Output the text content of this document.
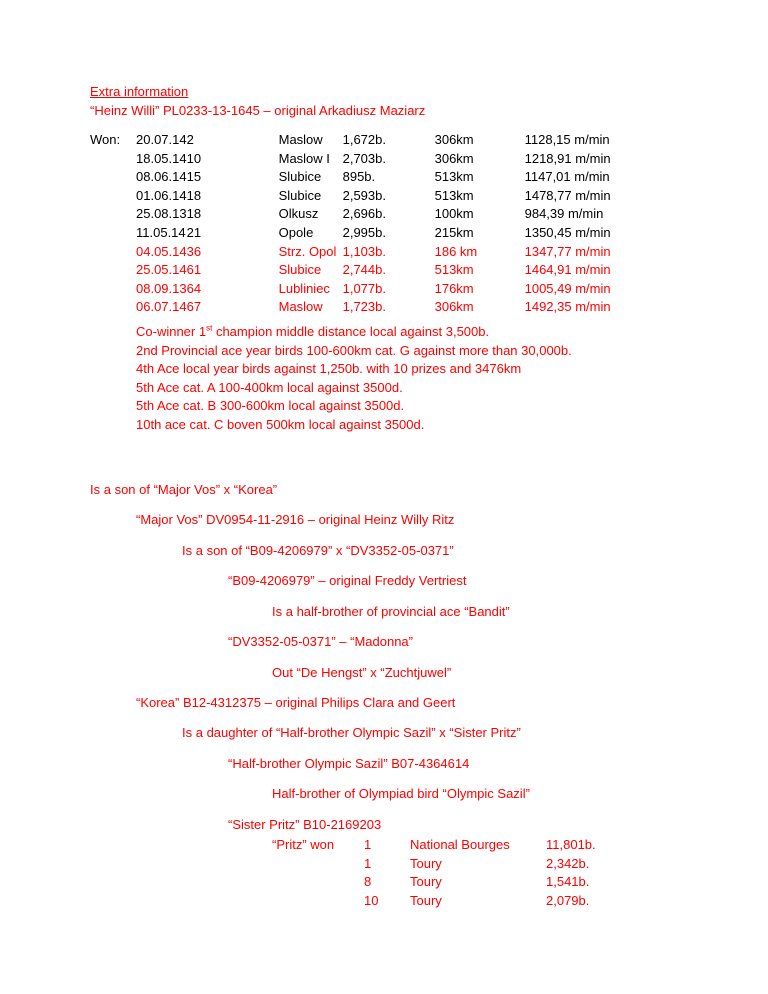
Extra information
“Heinz Willi” PL0233-13-1645 – original Arkadiusz Maziarz
Won:	20.07.14	2	Maslow	1,672b.	306km	1128,15 m/min
	18.05.14	10	Maslow I	2,703b.	306km	1218,91 m/min
	08.06.14	15	Slubice	895b.	513km	1147,01 m/min
	01.06.14	18	Slubice	2,593b.	513km	1478,77 m/min
	25.08.13	18	Olkusz	2,696b.	100km	984,39 m/min
	11.05.14	21	Opole	2,995b.	215km	1350,45 m/min
	04.05.14	36	Strz. Opol	1,103b.	186 km	1347,77 m/min
	25.05.14	61	Slubice	2,744b.	513km	1464,91 m/min
	08.09.13	64	Lubliniec	1,077b.	176km	1005,49 m/min
	06.07.14	67	Maslow	1,723b.	306km	1492,35 m/min
Co-winner 1st champion middle distance local against 3,500b.
2nd Provincial ace year birds 100-600km cat. G against more than 30,000b.
4th Ace local year birds against 1,250b. with 10 prizes and 3476km
5th Ace cat. A 100-400km local against 3500d.
5th Ace cat. B 300-600km local against 3500d.
10th ace cat. C boven 500km local against 3500d.
Is a son of “Major Vos” x “Korea”
“Major Vos” DV0954-11-2916 – original Heinz Willy Ritz
Is a son of “B09-4206979” x “DV3352-05-0371”
“B09-4206979” – original Freddy Vertriest
Is a half-brother of provincial ace “Bandit”
“DV3352-05-0371” – “Madonna”
Out “De Hengst” x “Zuchtjuwel”
“Korea” B12-4312375 – original Philips Clara and Geert
Is a daughter of “Half-brother Olympic Sazil” x “Sister Pritz”
“Half-brother Olympic Sazil” B07-4364614
Half-brother of Olympiad bird “Olympic Sazil”
“Sister Pritz” B10-2169203
“Pritz” won	1	National Bourges	11,801b.
	1	Toury	2,342b.
	8	Toury	1,541b.
	10	Toury	2,079b.
